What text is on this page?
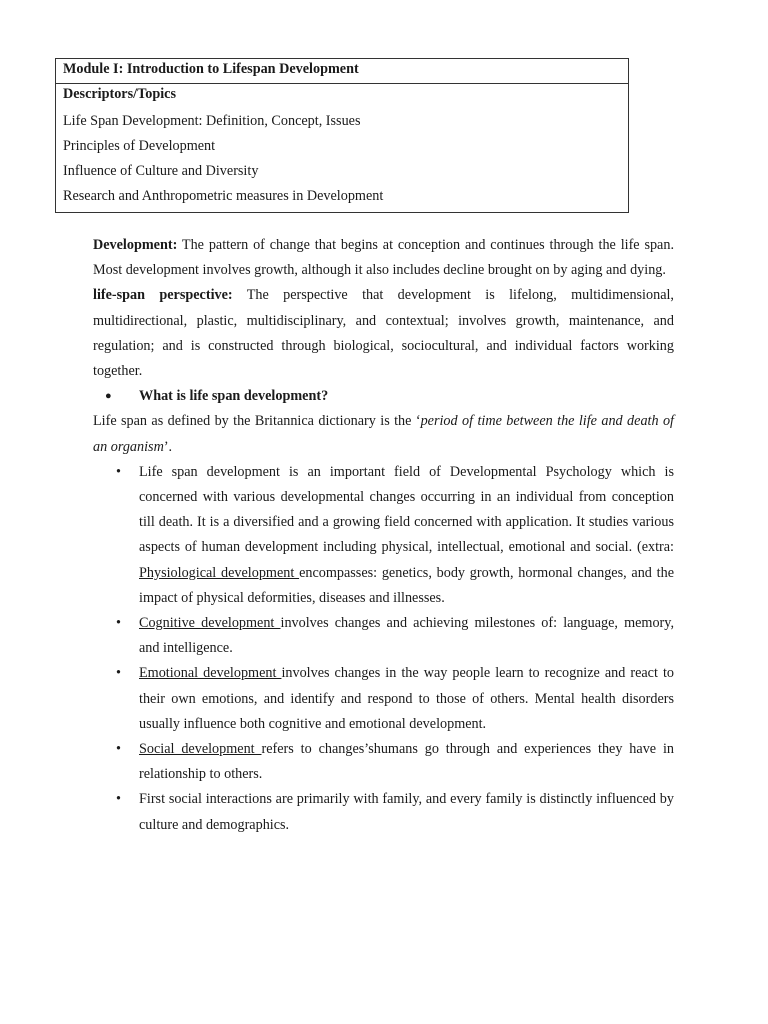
Module I: Introduction to Lifespan Development
Descriptors/Topics
Life Span Development: Definition, Concept, Issues
Principles of Development
Influence of Culture and Diversity
Research and Anthropometric measures in Development

Development: The pattern of change that begins at conception and continues through the life span. Most development involves growth, although it also includes decline brought on by aging and dying.

life-span perspective: The perspective that development is lifelong, multidimensional, multidirectional, plastic, multidisciplinary, and contextual; involves growth, maintenance, and regulation; and is constructed through biological, sociocultural, and individual factors working together.

● What is life span development?

Life span as defined by the Britannica dictionary is the ‘period of time between the life and death of an organism’.

• Life span development is an important field of Developmental Psychology which is concerned with various developmental changes occurring in an individual from conception till death. It is a diversified and a growing field concerned with application. It studies various aspects of human development including physical, intellectual, emotional and social. (extra: Physiological development encompasses: genetics, body growth, hormonal changes, and the impact of physical deformities, diseases and illnesses.
• Cognitive development involves changes and achieving milestones of: language, memory, and intelligence.
• Emotional development involves changes in the way people learn to recognize and react to their own emotions, and identify and respond to those of others. Mental health disorders usually influence both cognitive and emotional development.
• Social development refers to changes’shumans go through and experiences they have in relationship to others.
• First social interactions are primarily with family, and every family is distinctly influenced by culture and demographics.
